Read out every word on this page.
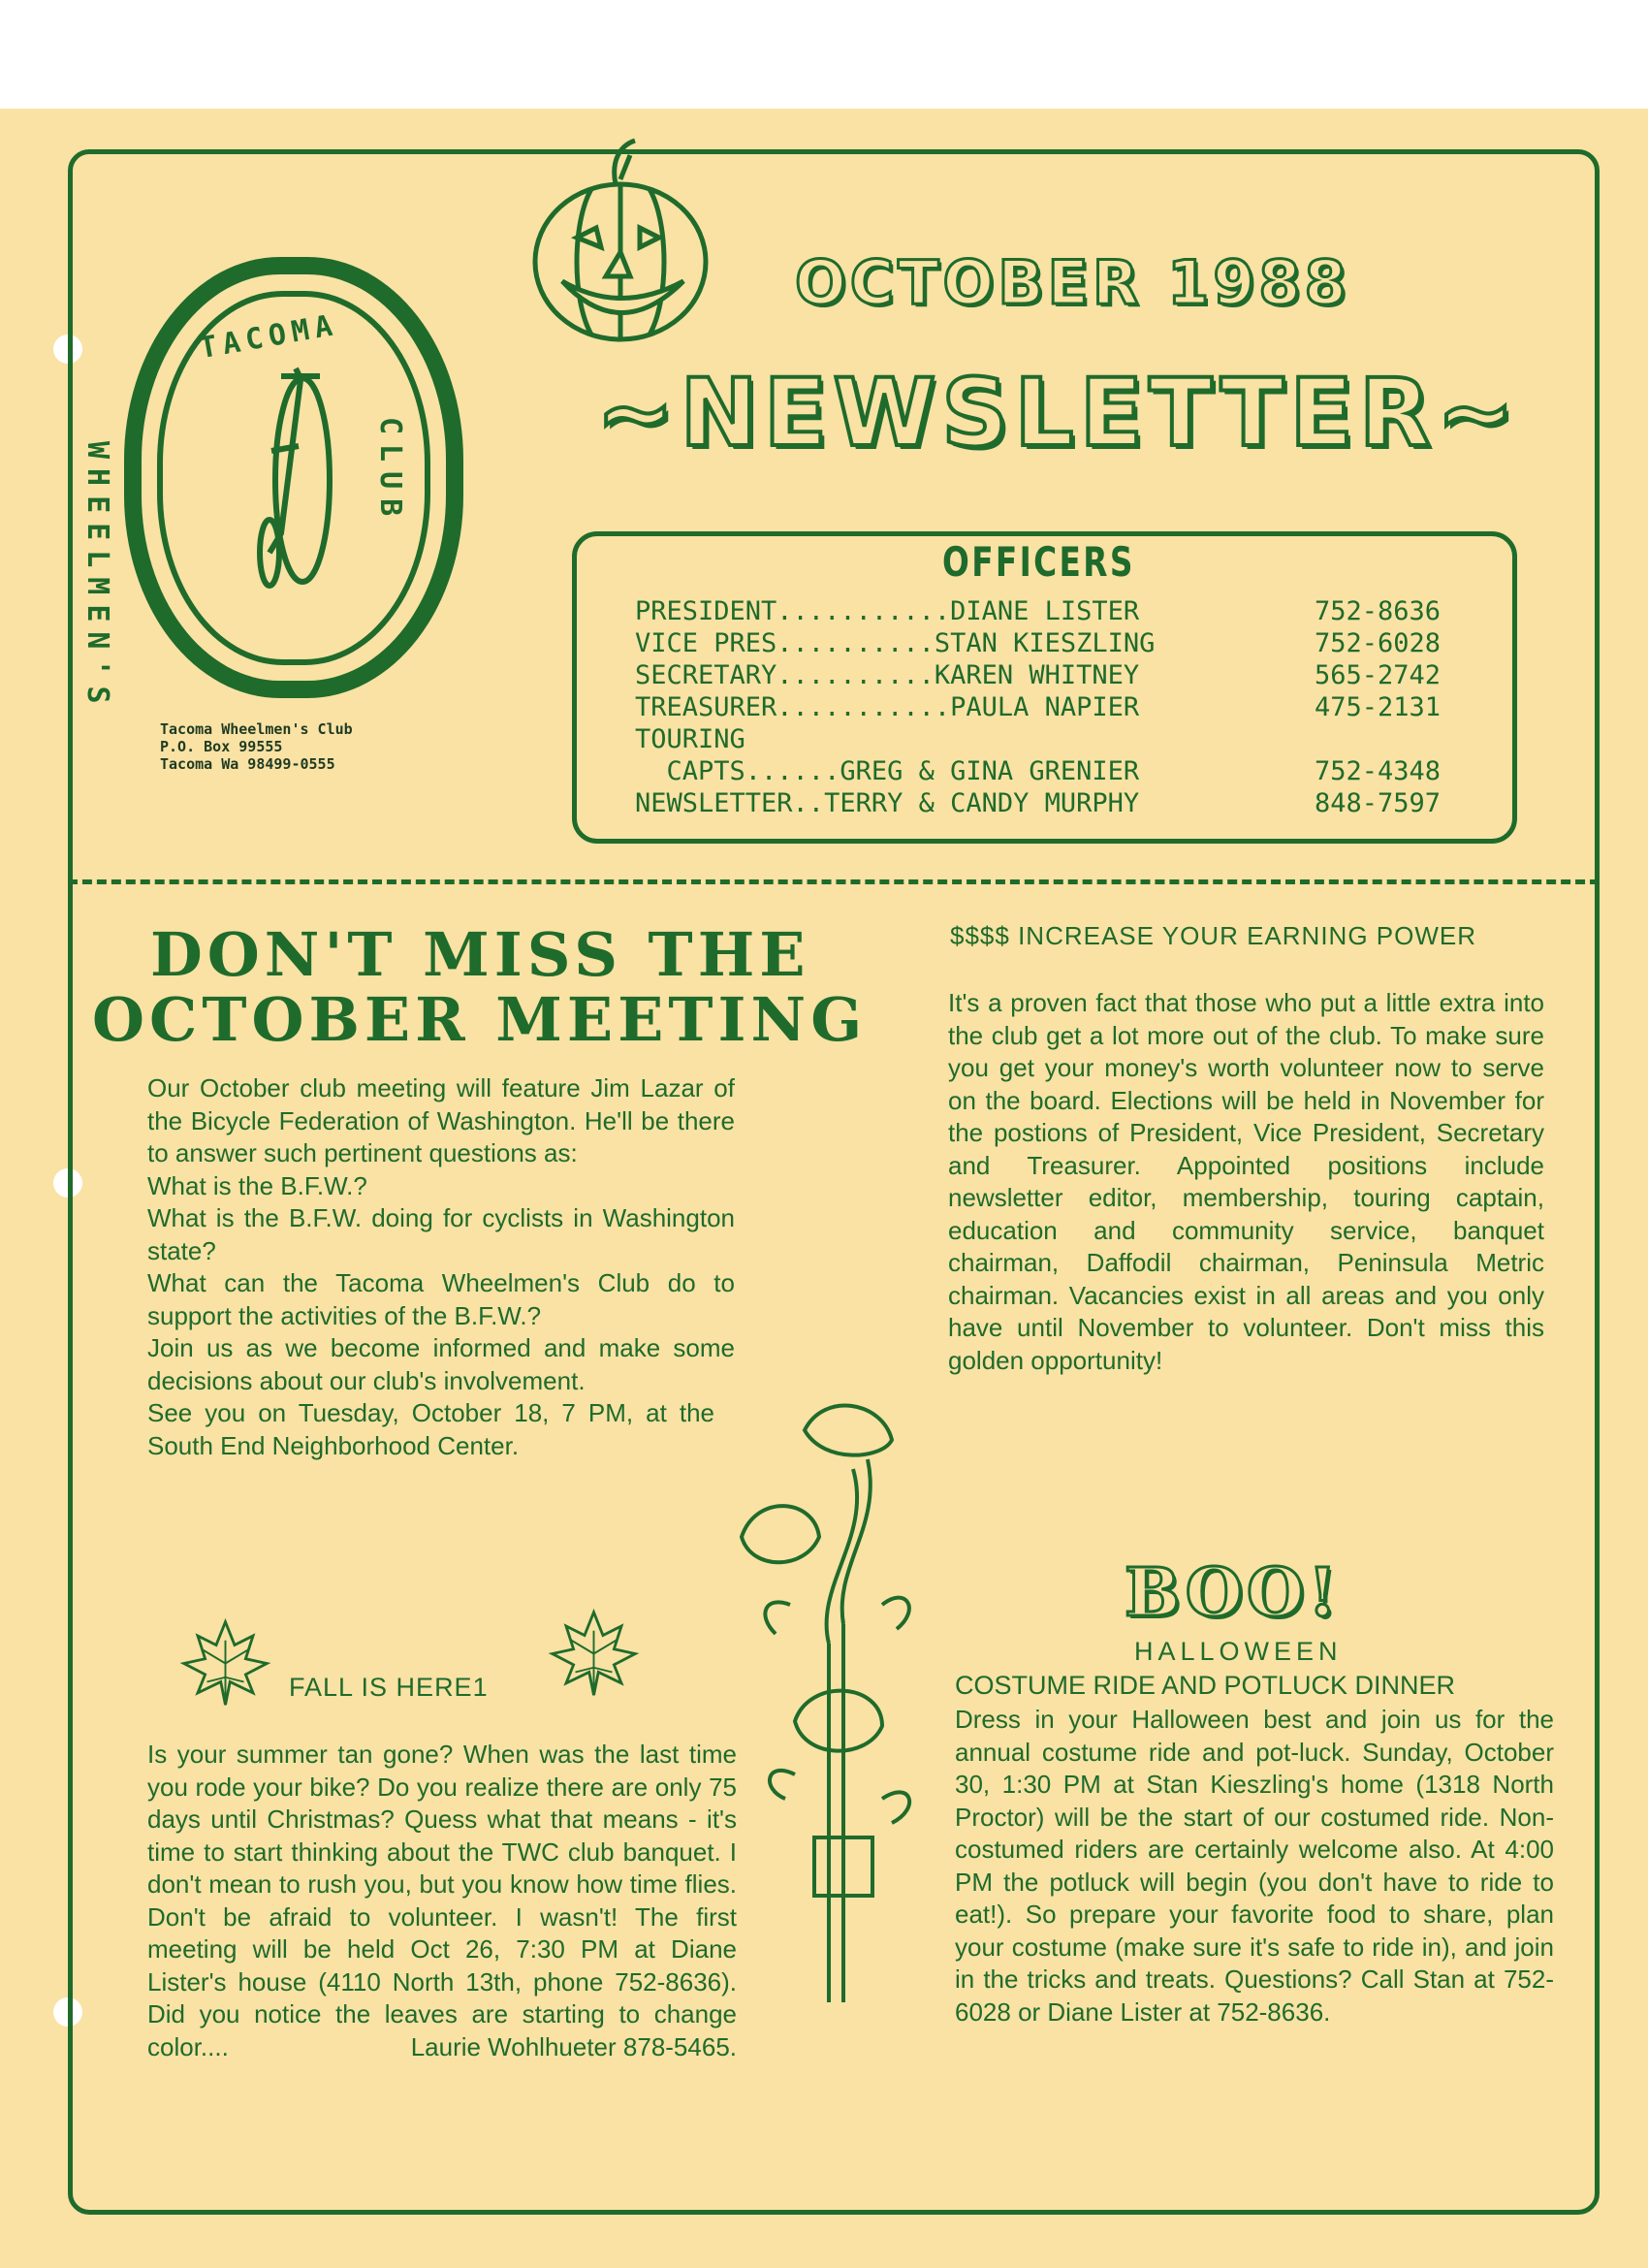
TACOMA
WHEELMEN'S	CLUB
Tacoma Wheelmen's Club
P.O. Box 99555
Tacoma Wa 98499-0555
OCTOBER 1988
~NEWSLETTER~
OFFICERS
PRESIDENT...........DIANE LISTER	752-8636
VICE PRES..........STAN KIESZLING	752-6028
SECRETARY..........KAREN WHITNEY	565-2742
TREASURER...........PAULA NAPIER	475-2131
TOURING
CAPTS......GREG & GINA GRENIER	752-4348
NEWSLETTER..TERRY & CANDY MURPHY	848-7597
DON'T MISS THE
OCTOBER MEETING

Our October club meeting will feature Jim Lazar of the Bicycle Federation of Washington. He'll be there to answer such pertinent questions as:

What is the B.F.W.?

What is the B.F.W. doing for cyclists in Washington state?

What can the Tacoma Wheelmen's Club do to support the activities of the B.F.W.?

Join us as we become informed and make some decisions about our club's involvement.

See you on Tuesday, October 18, 7 PM, at the South End Neighborhood Center.

FALL IS HERE1

Is your summer tan gone? When was the last time you rode your bike? Do you realize there are only 75 days until Christmas? Quess what that means - it's time to start thinking about the TWC club banquet. I don't mean to rush you, but you know how time flies. Don't be afraid to volunteer. I wasn't! The first meeting will be held Oct 26, 7:30 PM at Diane Lister's house (4110 North 13th, phone 752-8636). Did you notice the leaves are starting to change color....	Laurie Wohlhueter 878-5465.

$$$$ INCREASE YOUR EARNING POWER

It's a proven fact that those who put a little extra into the club get a lot more out of the club. To make sure you get your money's worth volunteer now to serve on the board. Elections will be held in November for the postions of President, Vice President, Secretary and Treasurer. Appointed positions include newsletter editor, membership, touring captain, education and community service, banquet chairman, Daffodil chairman, Peninsula Metric chairman. Vacancies exist in all areas and you only have until November to volunteer. Don't miss this golden opportunity!

BOO!
HALLOWEEN
COSTUME RIDE AND POTLUCK DINNER

Dress in your Halloween best and join us for the annual costume ride and pot-luck. Sunday, October 30, 1:30 PM at Stan Kieszling's home (1318 North Proctor) will be the start of our costumed ride. Non-costumed riders are certainly welcome also. At 4:00 PM the potluck will begin (you don't have to ride to eat!). So prepare your favorite food to share, plan your costume (make sure it's safe to ride in), and join in the tricks and treats. Questions? Call Stan at 752-6028 or Diane Lister at 752-8636.
